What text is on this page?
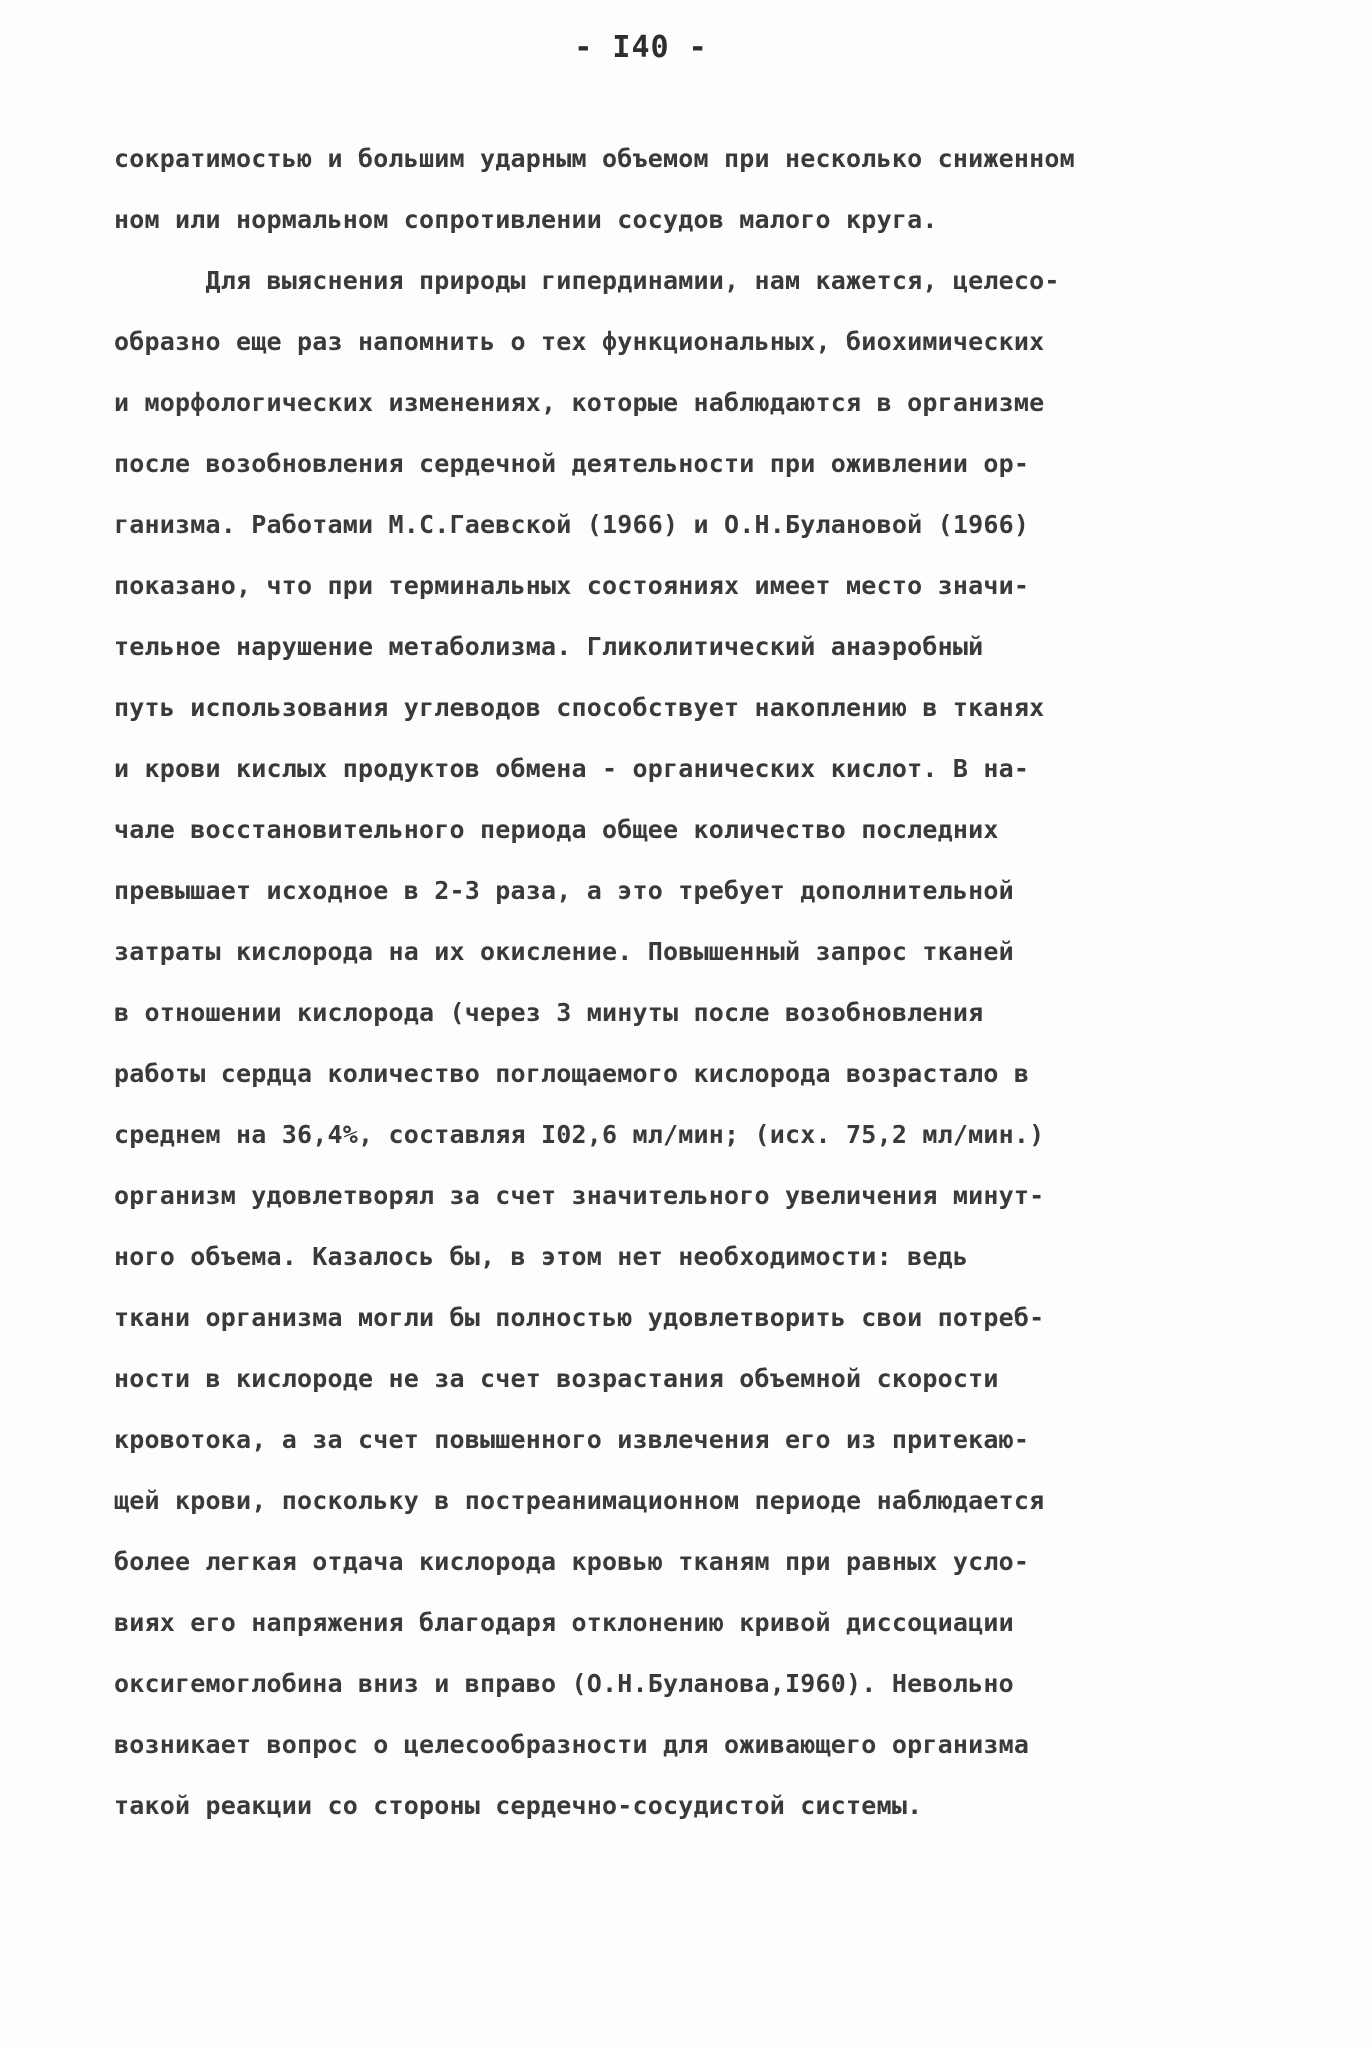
- I40 -
сократимостью и большим ударным объемом при несколько сниженном
ном или нормальном сопротивлении сосудов малого круга.
Для выяснения природы гипердинамии, нам кажется, целесо-
образно еще раз напомнить о тех функциональных, биохимических
и морфологических изменениях, которые наблюдаются в организме
после возобновления сердечной деятельности при оживлении ор-
ганизма. Работами М.С.Гаевской (1966) и О.Н.Булановой (1966)
показано, что при терминальных состояниях имеет место значи-
тельное нарушение метаболизма. Гликолитический анаэробный
путь использования углеводов способствует накоплению в тканях
и крови кислых продуктов обмена - органических кислот. В на-
чале восстановительного периода общее количество последних
превышает исходное в 2-3 раза, а это требует дополнительной
затраты кислорода на их окисление. Повышенный запрос тканей
в отношении кислорода (через 3 минуты после возобновления
работы сердца количество поглощаемого кислорода возрастало в
среднем на 36,4%, составляя I02,6 мл/мин; (исх. 75,2 мл/мин.)
организм удовлетворял за счет значительного увеличения минут-
ного объема. Казалось бы, в этом нет необходимости: ведь
ткани организма могли бы полностью удовлетворить свои потреб-
ности в кислороде не за счет возрастания объемной скорости
кровотока, а за счет повышенного извлечения его из притекаю-
щей крови, поскольку в постреанимационном периоде наблюдается
более легкая отдача кислорода кровью тканям при равных усло-
виях его напряжения благодаря отклонению кривой диссоциации
оксигемоглобина вниз и вправо (О.Н.Буланова,I960). Невольно
возникает вопрос о целесообразности для оживающего организма
такой реакции со стороны сердечно-сосудистой системы.
